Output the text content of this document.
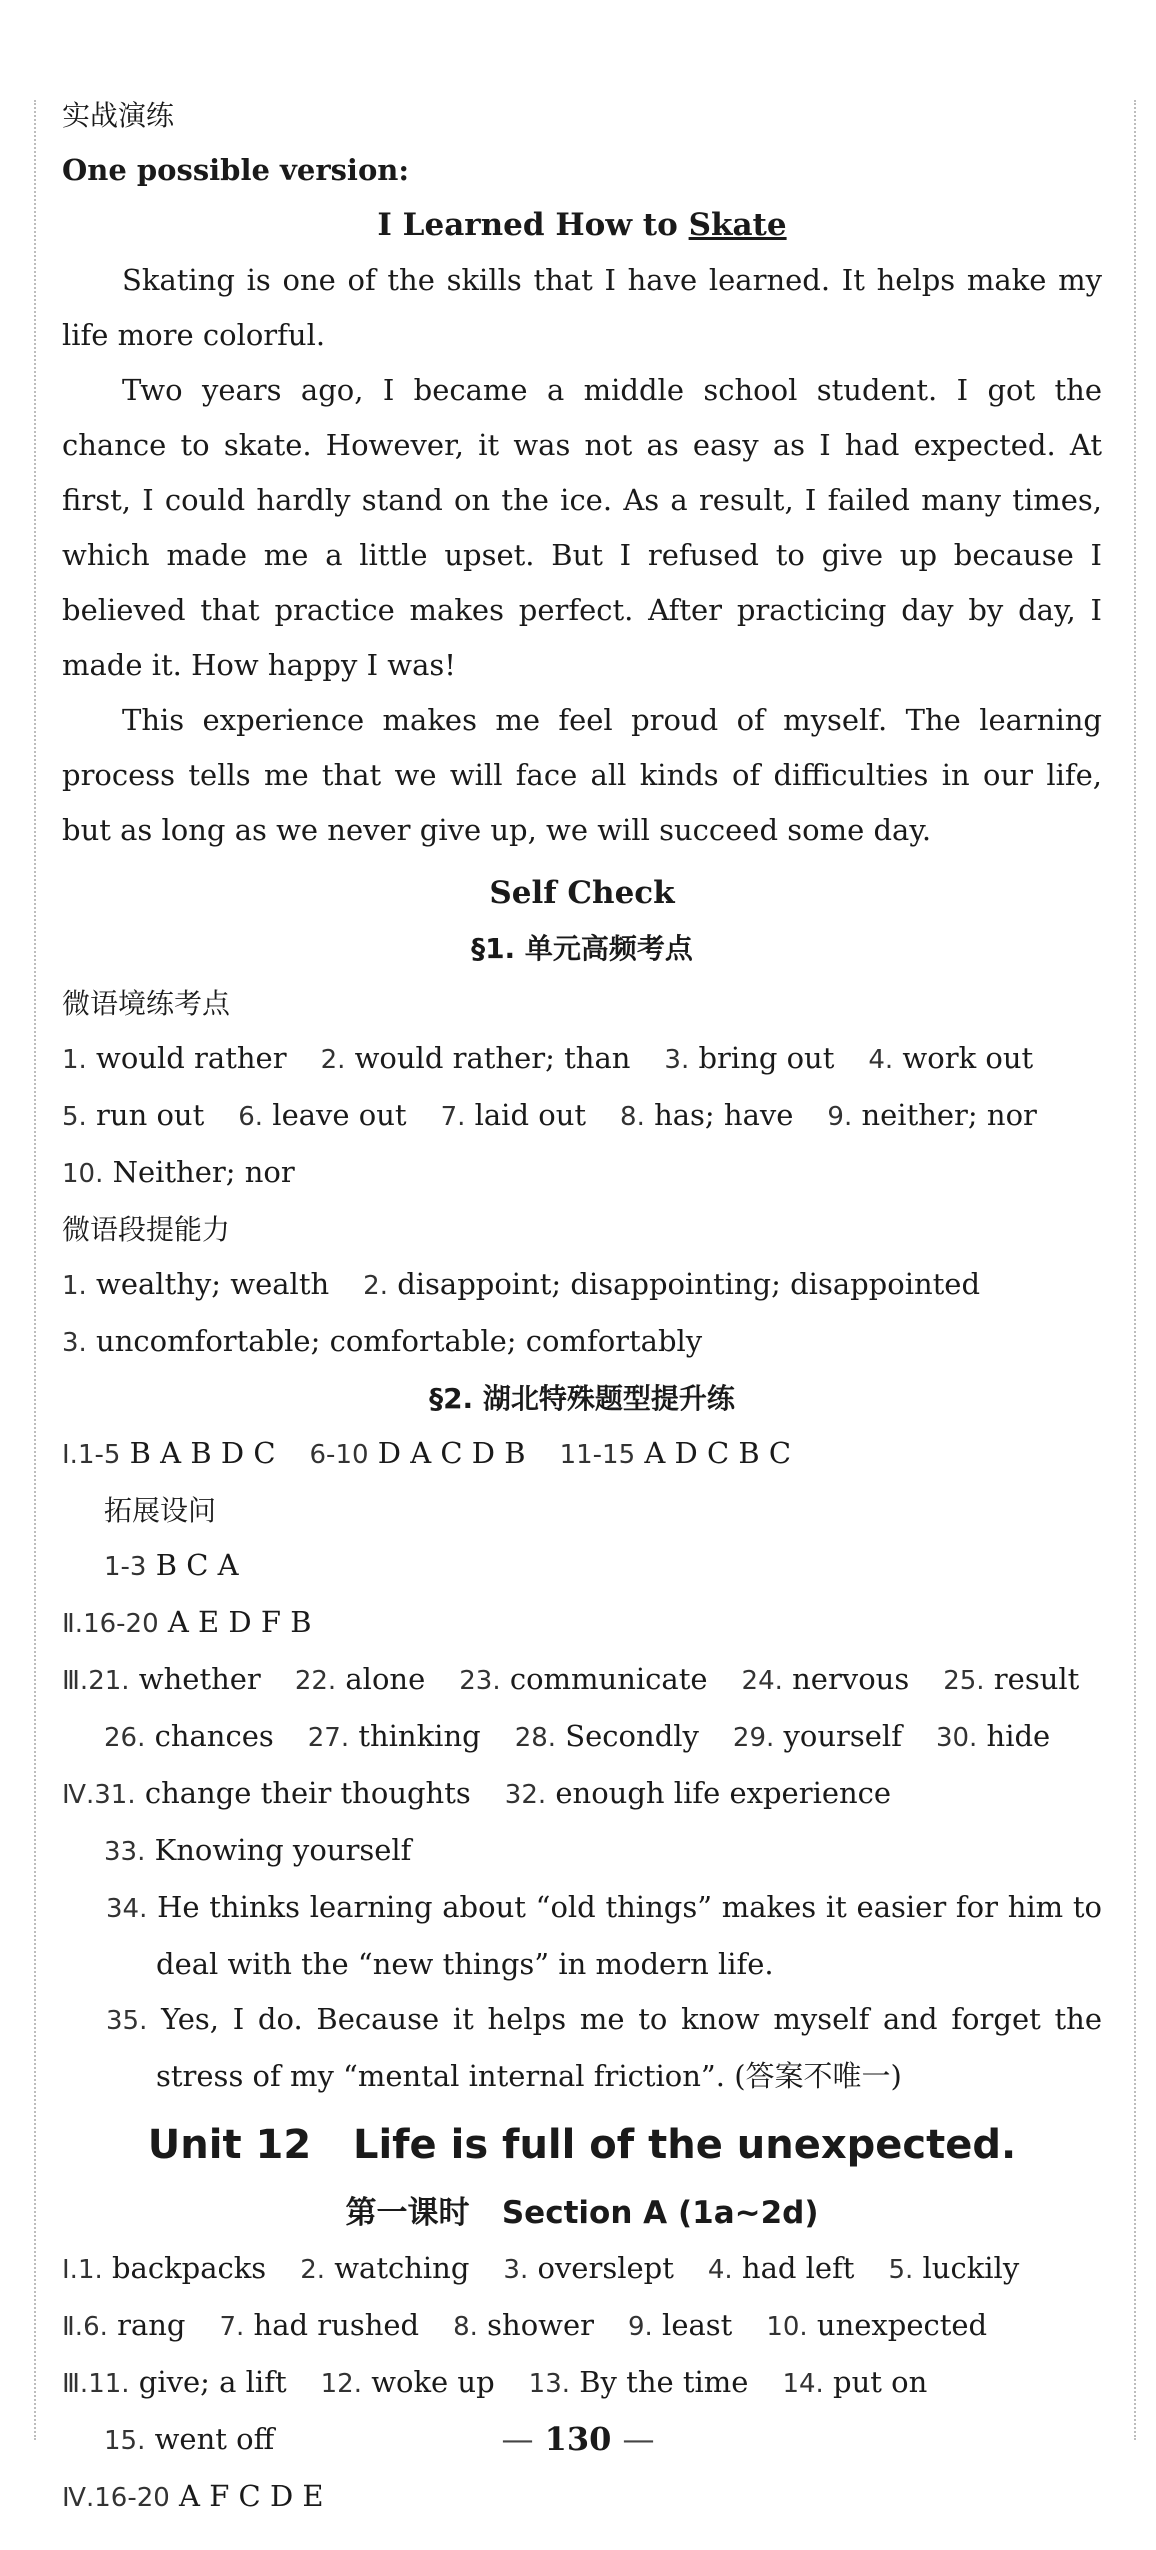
实战演练
One possible version:
I Learned How to Skate
Skating is one of the skills that I have learned. It helps make my life more colorful.
Two years ago, I became a middle school student. I got the chance to skate. However, it was not as easy as I had expected. At first, I could hardly stand on the ice. As a result, I failed many times, which made me a little upset. But I refused to give up because I believed that practice makes perfect. After practicing day by day, I made it. How happy I was!
This experience makes me feel proud of myself. The learning process tells me that we will face all kinds of difficulties in our life, but as long as we never give up, we will succeed some day.
Self Check
§1. 单元高频考点
微语境练考点
1. would rather 2. would rather; than 3. bring out 4. work out
5. run out 6. leave out 7. laid out 8. has; have 9. neither; nor
10. Neither; nor
微语段提能力
1. wealthy; wealth 2. disappoint; disappointing; disappointed
3. uncomfortable; comfortable; comfortably
§2. 湖北特殊题型提升练
Ⅰ.1-5 B A B D C 6-10 D A C D B 11-15 A D C B C
拓展设问
1-3 B C A
Ⅱ.16-20 A E D F B
Ⅲ.21. whether 22. alone 23. communicate 24. nervous 25. result
26. chances 27. thinking 28. Secondly 29. yourself 30. hide
Ⅳ.31. change their thoughts 32. enough life experience
33. Knowing yourself
34. He thinks learning about “old things” makes it easier for him to deal with the “new things” in modern life.
35. Yes, I do. Because it helps me to know myself and forget the stress of my “mental internal friction”. (答案不唯一)
Unit 12   Life is full of the unexpected.
第一课时   Section A (1a~2d)
Ⅰ.1. backpacks 2. watching 3. overslept 4. had left 5. luckily
Ⅱ.6. rang 7. had rushed 8. shower 9. least 10. unexpected
Ⅲ.11. give; a lift 12. woke up 13. By the time 14. put on
15. went off
Ⅳ.16-20 A F C D E
— 130 —
